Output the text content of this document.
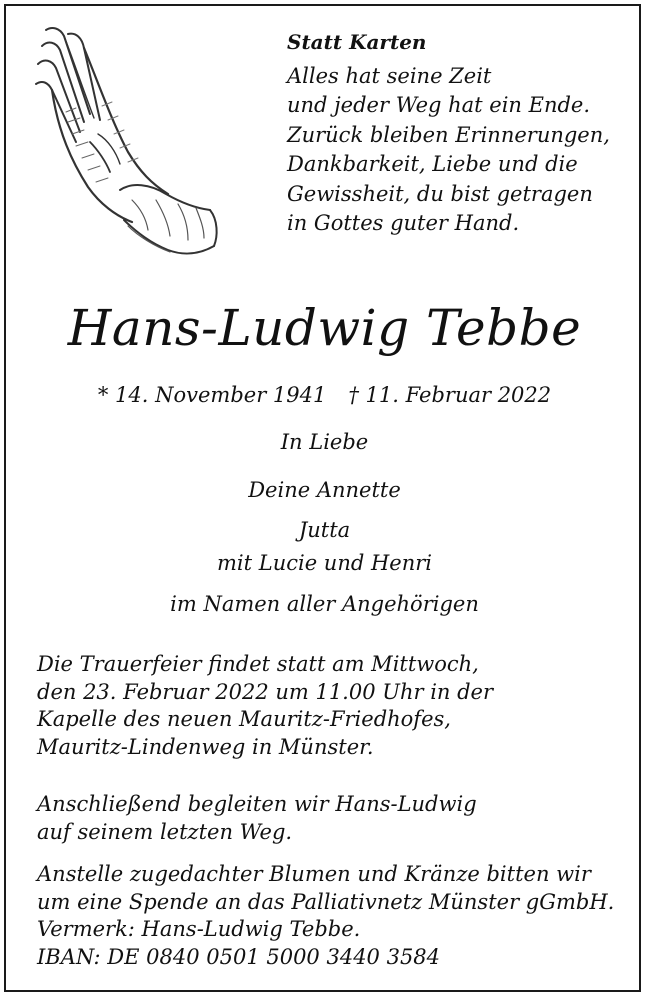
Statt Karten
Alles hat seine Zeit
und jeder Weg hat ein Ende.
Zurück bleiben Erinnerungen,
Dankbarkeit, Liebe und die
Gewissheit, du bist getragen
in Gottes guter Hand.
Hans-Ludwig Tebbe
* 14. November 1941 † 11. Februar 2022
In Liebe
Deine Annette
Jutta
mit Lucie und Henri
im Namen aller Angehörigen
Die Trauerfeier findet statt am Mittwoch,
den 23. Februar 2022 um 11.00 Uhr in der
Kapelle des neuen Mauritz-Friedhofes,
Mauritz-Lindenweg in Münster.
Anschließend begleiten wir Hans-Ludwig
auf seinem letzten Weg.
Anstelle zugedachter Blumen und Kränze bitten wir
um eine Spende an das Palliativnetz Münster gGmbH.
Vermerk: Hans-Ludwig Tebbe.
IBAN: DE 0840 0501 5000 3440 3584
